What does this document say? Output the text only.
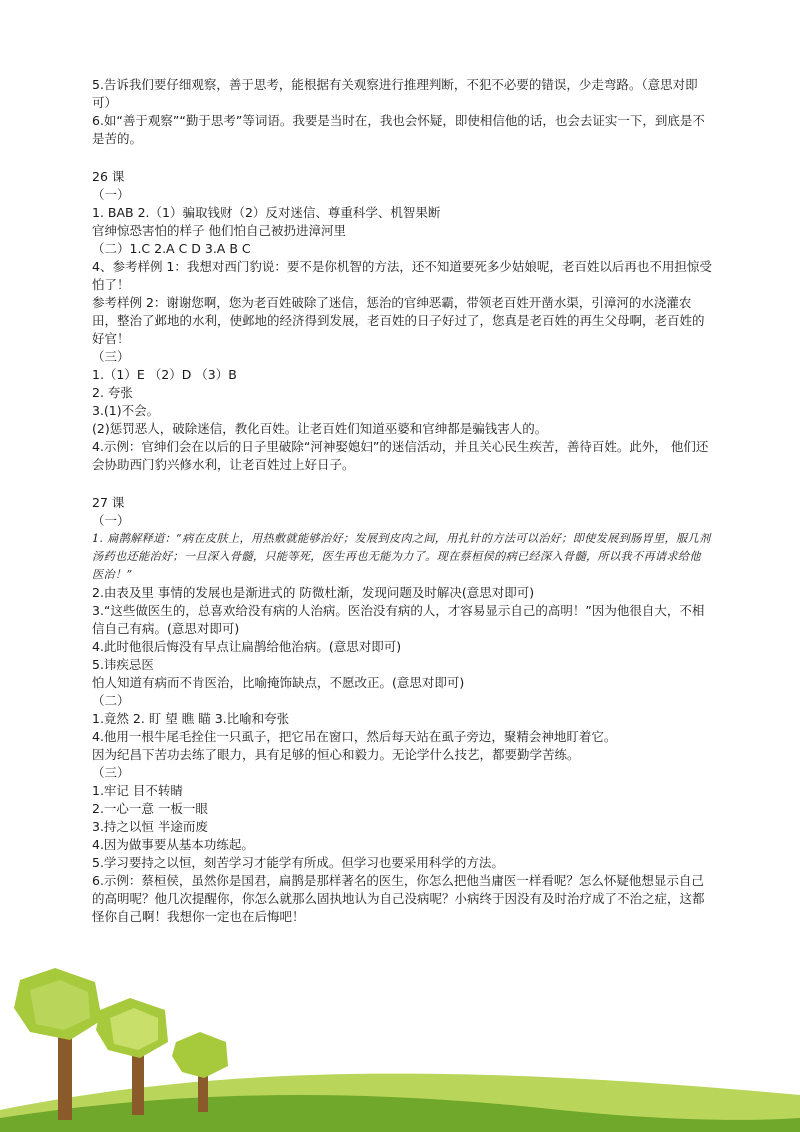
5.告诉我们要仔细观察，善于思考，能根据有关观察进行推理判断，不犯不必要的错误，少走弯路。（意思对即可）

6.如“善于观察”“勤于思考”等词语。我要是当时在，我也会怀疑，即使相信他的话，也会去证实一下，到底是不是苦的。

26 课

（一）

1. BAB 2.（1）骗取钱财（2）反对迷信、尊重科学、机智果断

官绅惊恐害怕的样子 他们怕自己被扔进漳河里

（二）1.C 2.A C D 3.A B C

4、参考样例 1：我想对西门豹说：要不是你机智的方法，还不知道要死多少姑娘呢，老百姓以后再也不用担惊受怕了！

参考样例 2：谢谢您啊，您为老百姓破除了迷信，惩治的官绅恶霸，带领老百姓开凿水渠，引漳河的水浇灌农田，整治了邺地的水利，使邺地的经济得到发展，老百姓的日子好过了，您真是老百姓的再生父母啊，老百姓的好官！

（三）

1.（1）E （2）D （3）B

2. 夸张

3.(1)不会。

(2)惩罚恶人，破除迷信，教化百姓。让老百姓们知道巫婆和官绅都是骗钱害人的。

4.示例：官绅们会在以后的日子里破除“河神娶媳妇”的迷信活动，并且关心民生疾苦，善待百姓。此外， 他们还会协助西门豹兴修水利，让老百姓过上好日子。

27 课

（一）

1. 扁鹊解释道：“病在皮肤上，用热敷就能够治好；发展到皮肉之间，用扎针的方法可以治好；即使发展到肠胃里，服几剂汤药也还能治好；一旦深入骨髓，只能等死，医生再也无能为力了。现在蔡桓侯的病已经深入骨髓，所以我不再请求给他医治！”

2.由表及里 事情的发展也是渐进式的 防微杜渐，发现问题及时解决(意思对即可)

3.“这些做医生的，总喜欢给没有病的人治病。医治没有病的人，才容易显示自己的高明！”因为他很自大，不相信自己有病。(意思对即可)

4.此时他很后悔没有早点让扁鹊给他治病。(意思对即可)

5.讳疾忌医

怕人知道有病而不肯医治，比喻掩饰缺点，不愿改正。(意思对即可)

（二）

1.竟然 2. 盯 望 瞧 瞄 3.比喻和夸张

4.他用一根牛尾毛拴住一只虱子，把它吊在窗口，然后每天站在虱子旁边，聚精会神地盯着它。

因为纪昌下苦功去练了眼力，具有足够的恒心和毅力。无论学什么技艺，都要勤学苦练。

（三）

1.牢记 目不转睛

2.一心一意 一板一眼

3.持之以恒 半途而废

4.因为做事要从基本功练起。

5.学习要持之以恒，刻苦学习才能学有所成。但学习也要采用科学的方法。

6.示例：蔡桓侯，虽然你是国君，扁鹊是那样著名的医生，你怎么把他当庸医一样看呢？怎么怀疑他想显示自己的高明呢？他几次提醒你，你怎么就那么固执地认为自己没病呢？小病终于因没有及时治疗成了不治之症，这都怪你自己啊！我想你一定也在后悔吧！
